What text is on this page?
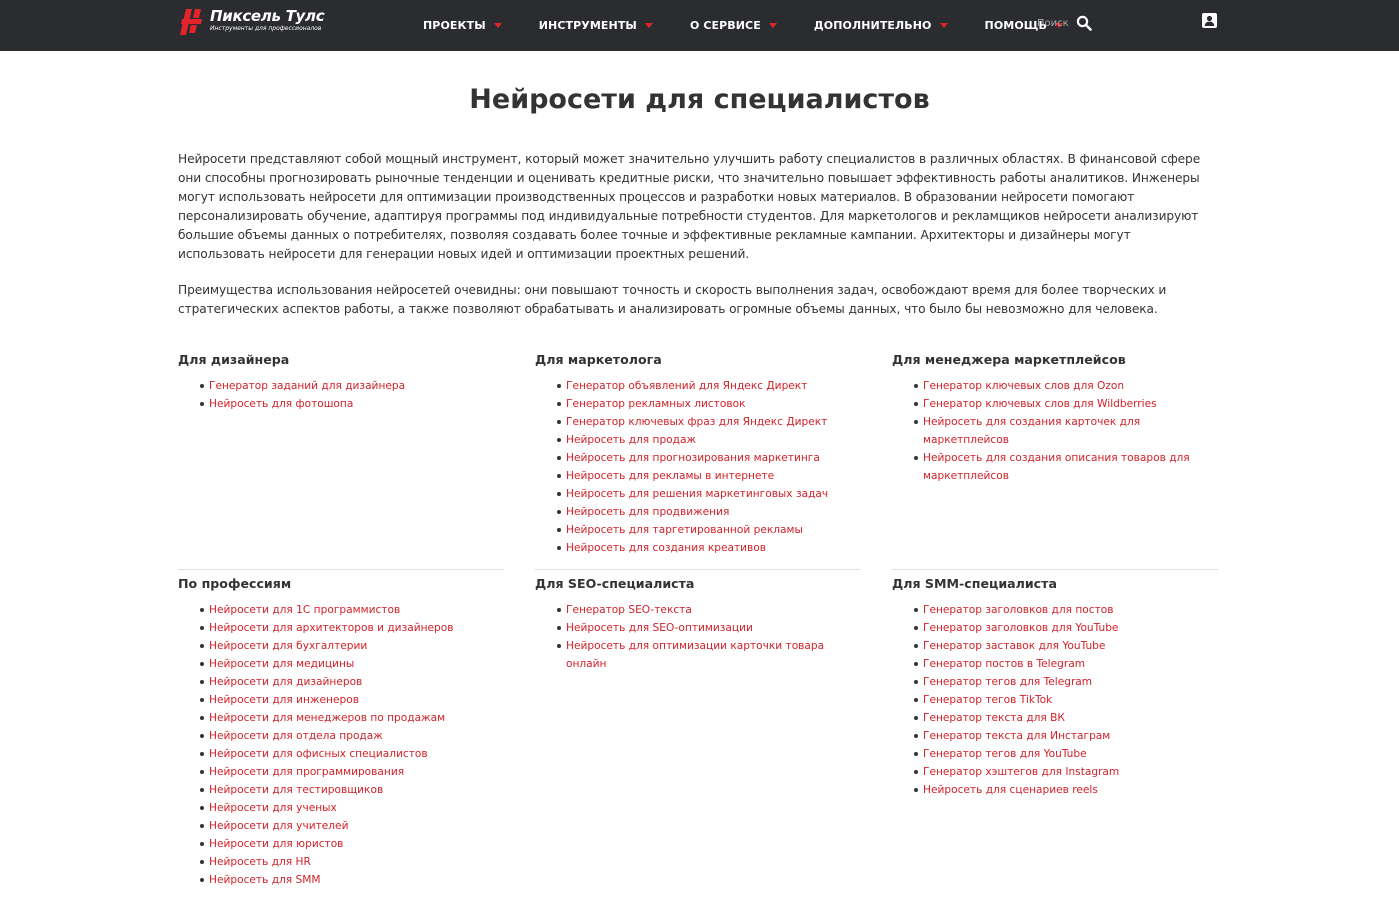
Пиксель Тулс
Инструменты для профессионалов	ПРОЕКТЫ	ИНСТРУМЕНТЫ	О СЕРВИСЕ	ДОПОЛНИТЕЛЬНО	ПОМОЩЬ
Поиск
Нейросети для специалистов

Нейросети представляют собой мощный инструмент, который может значительно улучшить работу специалистов в различных областях. В финансовой сфере они способны прогнозировать рыночные тенденции и оценивать кредитные риски, что значительно повышает эффективность работы аналитиков. Инженеры могут использовать нейросети для оптимизации производственных процессов и разработки новых материалов. В образовании нейросети помогают персонализировать обучение, адаптируя программы под индивидуальные потребности студентов. Для маркетологов и рекламщиков нейросети анализируют большие объемы данных о потребителях, позволяя создавать более точные и эффективные рекламные кампании. Архитекторы и дизайнеры могут использовать нейросети для генерации новых идей и оптимизации проектных решений.

Преимущества использования нейросетей очевидны: они повышают точность и скорость выполнения задач, освобождают время для более творческих и стратегических аспектов работы, а также позволяют обрабатывать и анализировать огромные объемы данных, что было бы невозможно для человека.

Для дизайнера
Генератор заданий для дизайнера
Нейросеть для фотошопа
Для маркетолога
Генератор объявлений для Яндекс Директ
Генератор рекламных листовок
Генератор ключевых фраз для Яндекс Директ
Нейросеть для продаж
Нейросеть для прогнозирования маркетинга
Нейросеть для рекламы в интернете
Нейросеть для решения маркетинговых задач
Нейросеть для продвижения
Нейросеть для таргетированной рекламы
Нейросеть для создания креативов
Для менеджера маркетплейсов
Генератор ключевых слов для Ozon
Генератор ключевых слов для Wildberries
Нейросеть для создания карточек для маркетплейсов
Нейросеть для создания описания товаров для маркетплейсов
По профессиям
Нейросети для 1С программистов
Нейросети для архитекторов и дизайнеров
Нейросети для бухгалтерии
Нейросети для медицины
Нейросети для дизайнеров
Нейросети для инженеров
Нейросети для менеджеров по продажам
Нейросети для отдела продаж
Нейросети для офисных специалистов
Нейросети для программирования
Нейросети для тестировщиков
Нейросети для ученых
Нейросети для учителей
Нейросети для юристов
Нейросеть для HR
Нейросеть для SMM
Для SEO-специалиста
Генератор SEO-текста
Нейросеть для SEO-оптимизации
Нейросеть для оптимизации карточки товара онлайн
Для SMM-специалиста
Генератор заголовков для постов
Генератор заголовков для YouTube
Генератор заставок для YouTube
Генератор постов в Telegram
Генератор тегов для Telegram
Генератор тегов TikTok
Генератор текста для ВК
Генератор текста для Инстаграм
Генератор тегов для YouTube
Генератор хэштегов для Instagram
Нейросеть для сценариев reels
